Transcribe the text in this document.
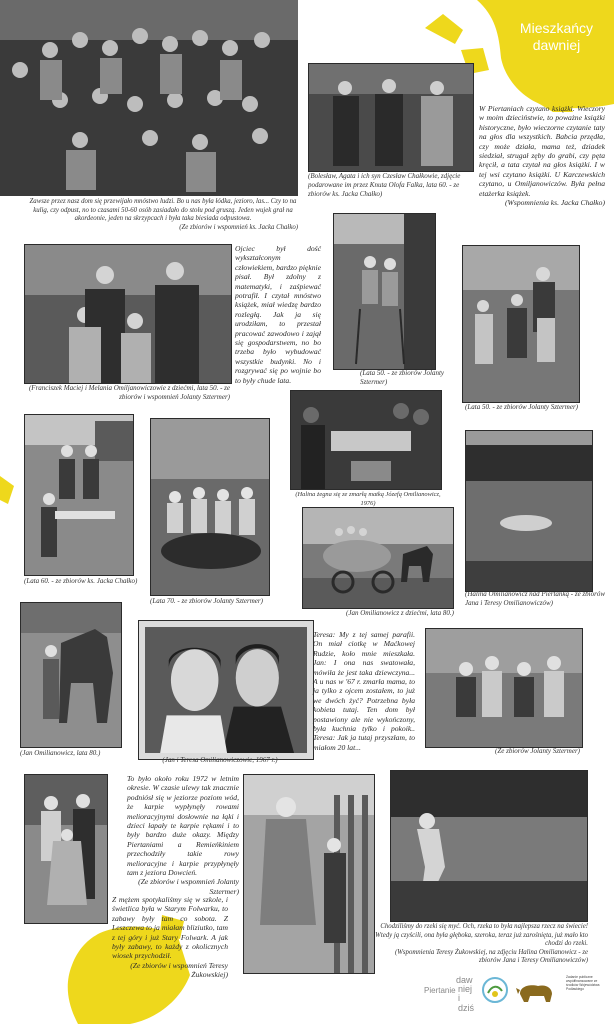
Mieszkańcy dawniej
Zawsze przez nasz dom się przewijało mnóstwo ludzi. Bo u nas była łódka, jezioro, las... Czy to na kulig, czy odpust, no to czasami 50-60 osób zasiadało do stołu pod gruszą. Jeden wujek grał na akordeonie, jeden na skrzypcach i była taka biesiada odpustowa.
(Ze zbiorów i wspomnień ks. Jacka Chałko)
(Bolesław, Agata i ich syn Czesław Chałkowie, zdjęcie podarowane im przez Knuta Olofa Falka, lata 60. - ze zbiorów ks. Jacka Chałko)

W Piertaniach czytano książki. Wieczory w moim dzieciństwie, to poważne książki historyczne, było wieczorne czytanie taty na głos dla wszystkich. Babcia przędła, czy może działa, mama też, dziadek siedział, strugał zęby do grabi, czy pęta kręcił, a tata czytał na głos książki. I w tej wsi czytano książki. U Karczewskich czytano, u Omiljanowiczów. Była pełna etażerka książek.

(Wspomnienia ks. Jacka Chałko)
(Franciszek Maciej i Melania Omiljanowiczowie z dziećmi, lata 50. - ze zbiorów i wspomnień Jolanty Sztermer)

Ojciec był dość wykształconym człowiekiem, bardzo pięknie pisał. Był zdolny z matematyki, i zaśpiewać potrafił. I czytał mnóstwo książek, miał wiedzę bardzo rozległą. Jak ja się urodziłam, to przestał pracować zawodowo i zajął się gospodarstwem, no bo trzeba było wybudować wszystkie budynki. No i rozgrywać się po wojnie bo to były chude lata.

(Lata 50. - ze zbiorów Jolanty Sztermer)
(Lata 50. - ze zbiorów Jolanty Sztermer)
(Lata 60. - ze zbiorów ks. Jacka Chałko)
(Lata 70. - ze zbiorów Jolanty Sztermer)
(Halina żegna się ze zmarłą matką Józefą Omilianowicz, 1976)
(Jan Omilianowicz z dziećmi, lata 80.)
(Halina Omilianowicz nad Piertanką - ze zbiorów Jana i Teresy Omilianowiczów)
(Jan Omilianowicz, lata 80.)
(Jan i Teresa Omilianowiczowie, 1967 r.)

Teresa: My z tej samej parafii. On miał ciotkę w Maćkowej Rudzie, koło mnie mieszkała. Jan: I ona nas swatowała, mówiła że jest taka dziewczyna... A u nas w '67 r. zmarła mama, to ja tylko z ojcem zostałem, to już we dwóch żyć? Potrzebna była kobieta tutaj. Ten dom był postawiony ale nie wykończony, była kuchnia tylko i pokoik.. Teresa: Jak ja tutaj przyszłam, to miałom 20 lat...	(Ze zbiorów Jolanty Sztermer)

To było około roku 1972 w letnim okresie. W czasie ulewy tak znacznie podniósł się w jeziorze poziom wód, że karpie wypłynęły rowami melioracyjnymi dosłownie na łąki i dzieci łapały te karpie rękami i to były bardzo duże okazy. Między Piertaniami a Remieńkiniem przechodziły takie rowy melioracyjne i karpie przypłynęły tam z jeziora Dowcień.

(Ze zbiorów i wspomnień Jolanty Sztermer)

Z mężem spotykaliśmy się w szkole, i świetlica była w Starym Folwarku, to zabawy były tam co sobota. Z Leszczewa to ja miałam bliziutko, tam z tej góry i już Stary Folwark. A jak były zabawy, to każdy z okolicznych wiosek przychodził.

(Ze zbiorów i wspomnień Teresy Żukowskiej)
Chodziliśmy do rzeki się myć. Och, rzeka to była najlepsza rzecz na świecie! Wtedy ją czyścili, ona była głęboka, szeroka, teraz już zarośnięta, już mało kto chodzi do rzeki.
(Wspomnienia Teresy Żukowskiej, na zdjęciu Halina Omilianowicz - ze zbiorów Jana i Teresy Omilianowiczów)
Piertanie
daw
niej
i dziś
Zadanie publiczne współfinansowane ze środków Województwa Podlaskiego
